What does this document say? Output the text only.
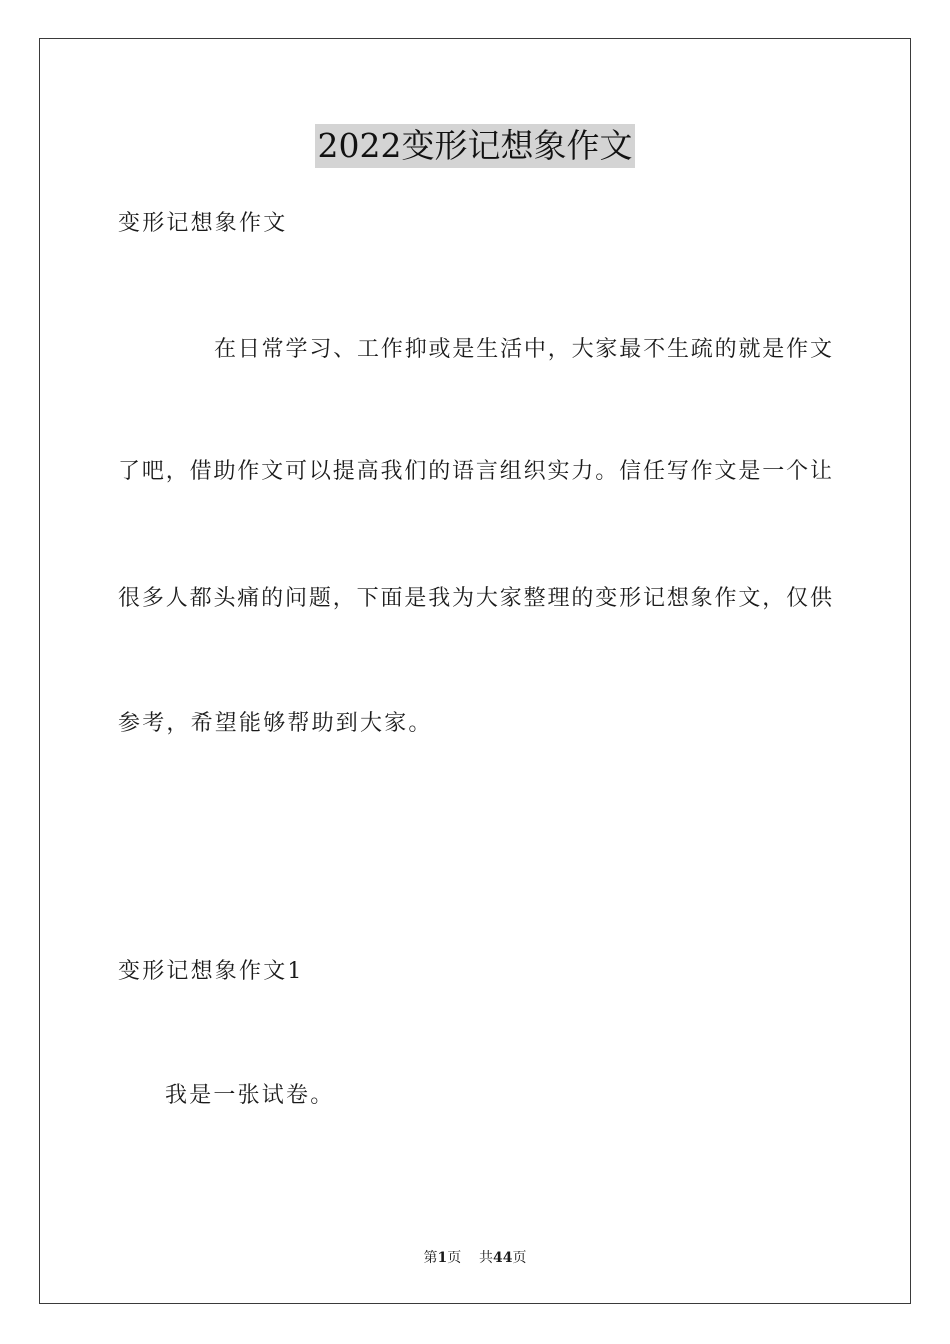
2022变形记想象作文
变形记想象作文
在日常学习、工作抑或是生活中，大家最不生疏的就是作文
了吧，借助作文可以提高我们的语言组织实力。信任写作文是一个让
很多人都头痛的问题，下面是我为大家整理的变形记想象作文，仅供
参考，希望能够帮助到大家。
变形记想象作文1
我是一张试卷。
第1页 共44页
